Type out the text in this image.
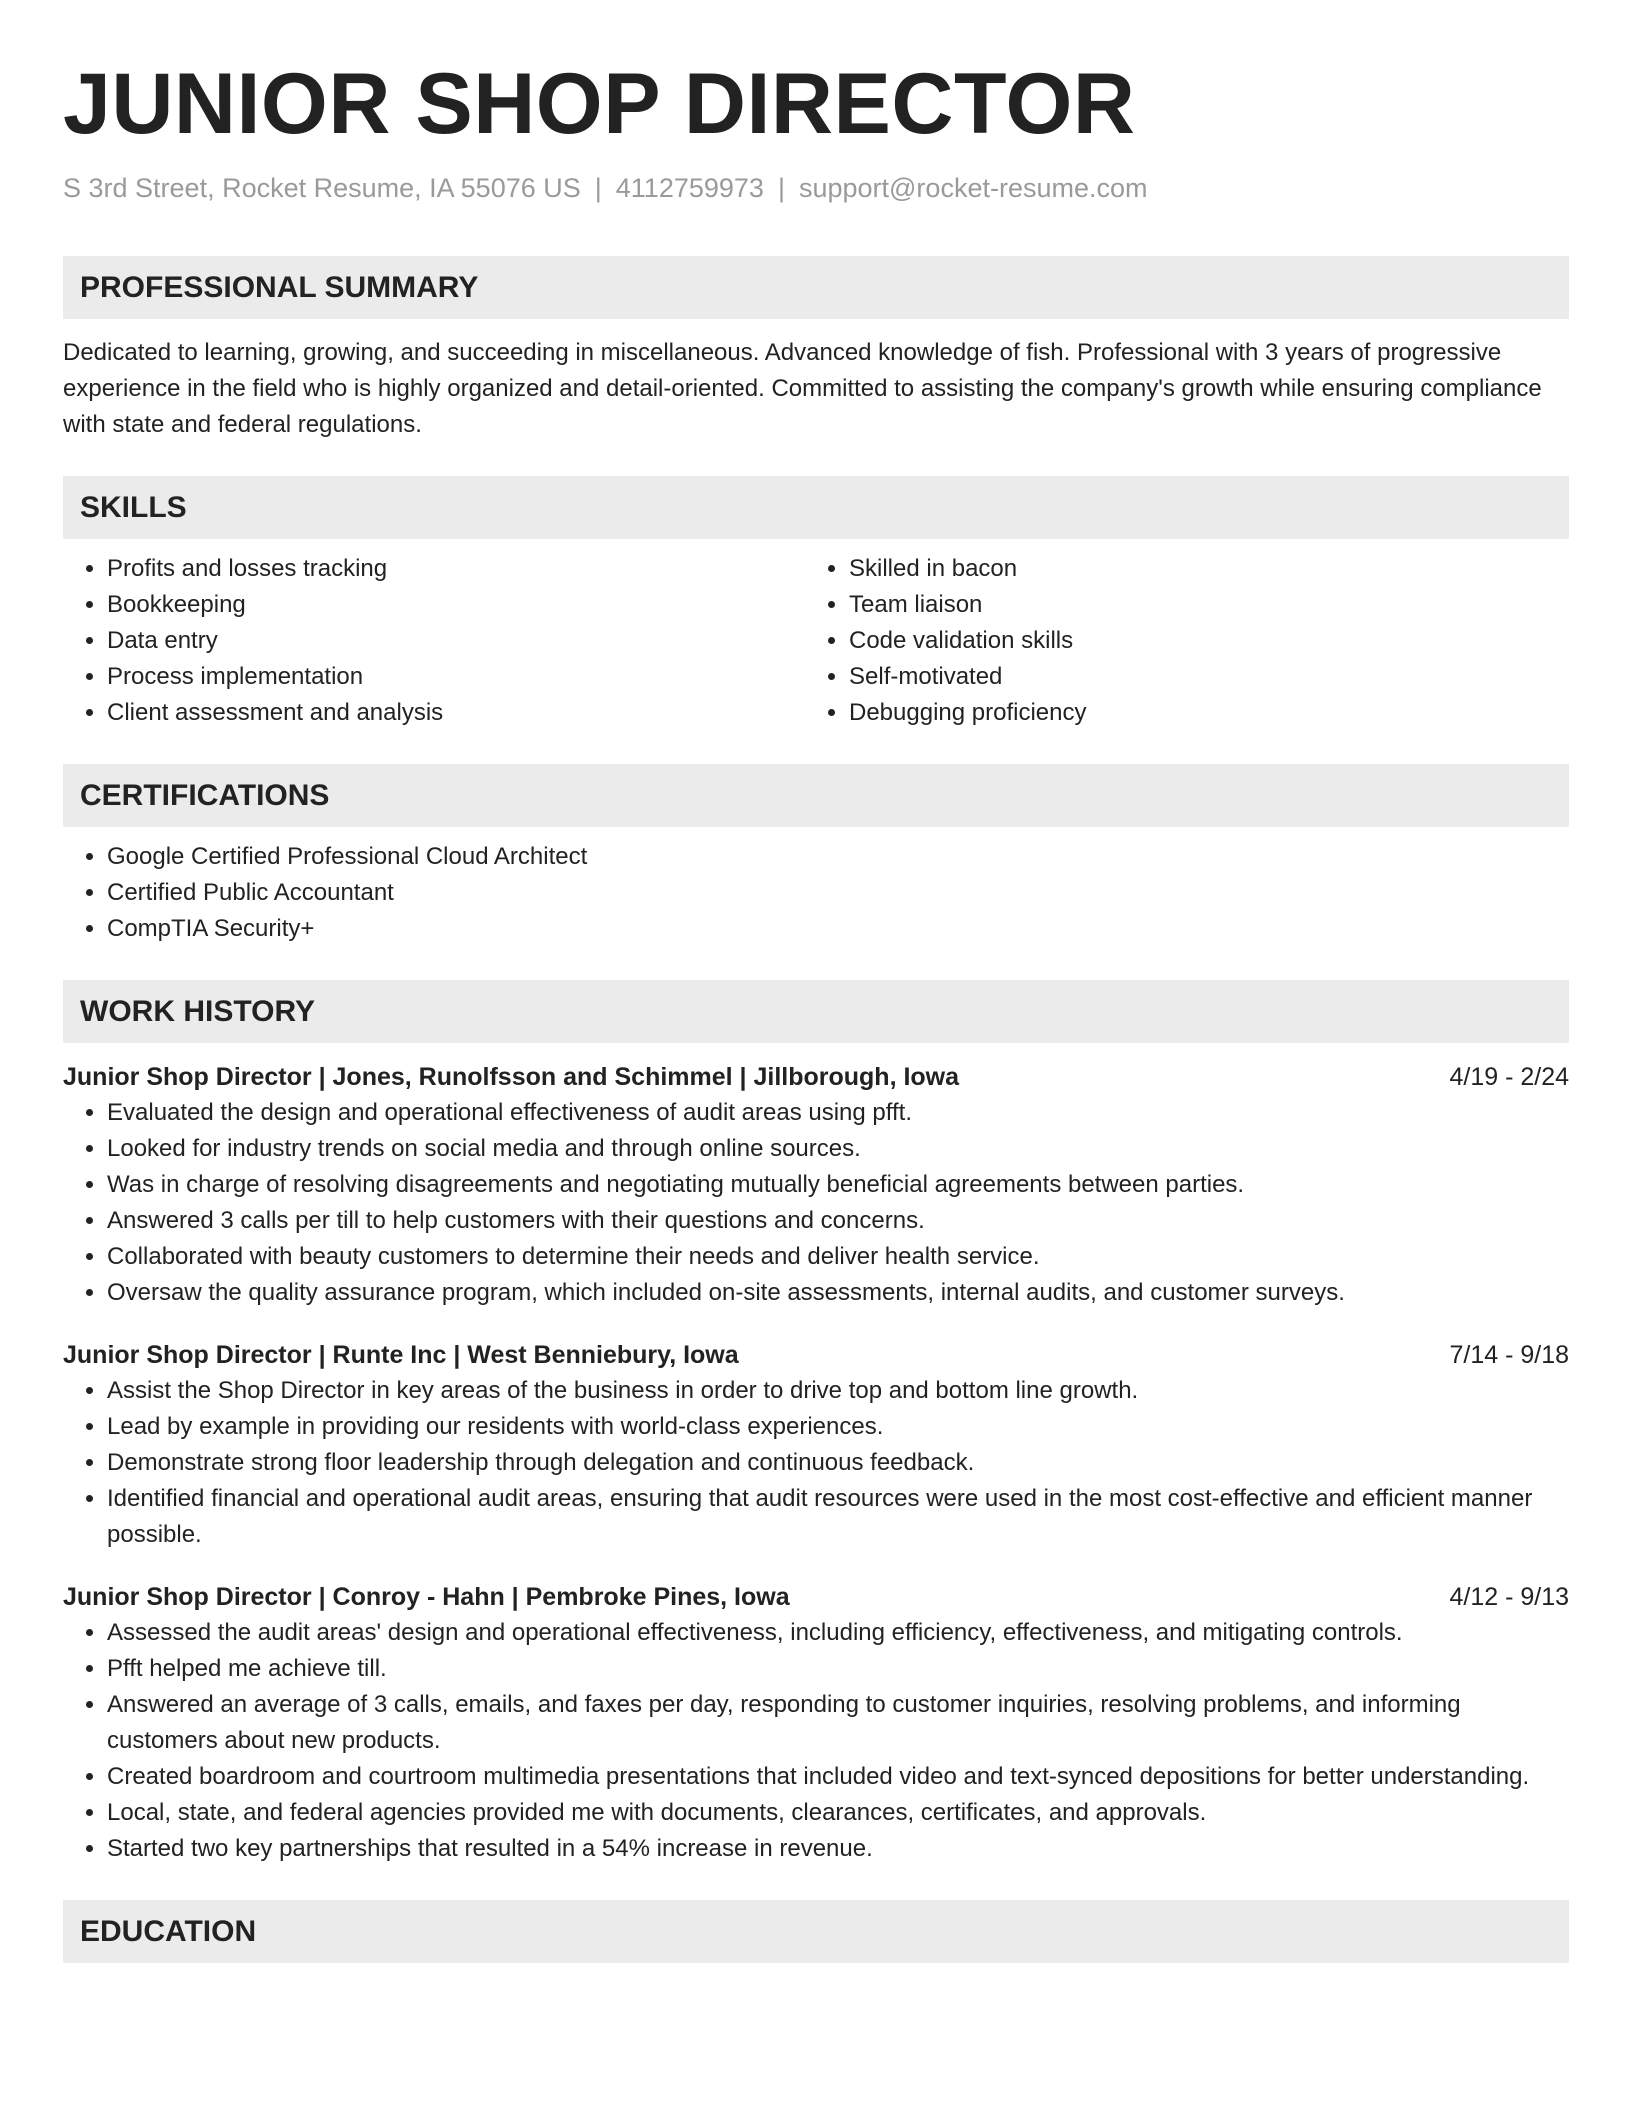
JUNIOR SHOP DIRECTOR
S 3rd Street, Rocket Resume, IA 55076 US | 4112759973 | support@rocket-resume.com
PROFESSIONAL SUMMARY

Dedicated to learning, growing, and succeeding in miscellaneous. Advanced knowledge of fish. Professional with 3 years of progressive experience in the field who is highly organized and detail-oriented. Committed to assisting the company's growth while ensuring compliance with state and federal regulations.

SKILLS
• Profits and losses tracking
• Bookkeeping
• Data entry
• Process implementation
• Client assessment and analysis
• Skilled in bacon
• Team liaison
• Code validation skills
• Self-motivated
• Debugging proficiency
CERTIFICATIONS
• Google Certified Professional Cloud Architect
• Certified Public Accountant
• CompTIA Security+
WORK HISTORY
Junior Shop Director | Jones, Runolfsson and Schimmel | Jillborough, Iowa	4/19 - 2/24
• Evaluated the design and operational effectiveness of audit areas using pfft.
• Looked for industry trends on social media and through online sources.
• Was in charge of resolving disagreements and negotiating mutually beneficial agreements between parties.
• Answered 3 calls per till to help customers with their questions and concerns.
• Collaborated with beauty customers to determine their needs and deliver health service.
• Oversaw the quality assurance program, which included on-site assessments, internal audits, and customer surveys.
Junior Shop Director | Runte Inc | West Benniebury, Iowa	7/14 - 9/18
• Assist the Shop Director in key areas of the business in order to drive top and bottom line growth.
• Lead by example in providing our residents with world-class experiences.
• Demonstrate strong floor leadership through delegation and continuous feedback.
• Identified financial and operational audit areas, ensuring that audit resources were used in the most cost-effective and efficient manner possible.
Junior Shop Director | Conroy - Hahn | Pembroke Pines, Iowa	4/12 - 9/13
• Assessed the audit areas' design and operational effectiveness, including efficiency, effectiveness, and mitigating controls.
• Pfft helped me achieve till.
• Answered an average of 3 calls, emails, and faxes per day, responding to customer inquiries, resolving problems, and informing customers about new products.
• Created boardroom and courtroom multimedia presentations that included video and text-synced depositions for better understanding.
• Local, state, and federal agencies provided me with documents, clearances, certificates, and approvals.
• Started two key partnerships that resulted in a 54% increase in revenue.
EDUCATION
